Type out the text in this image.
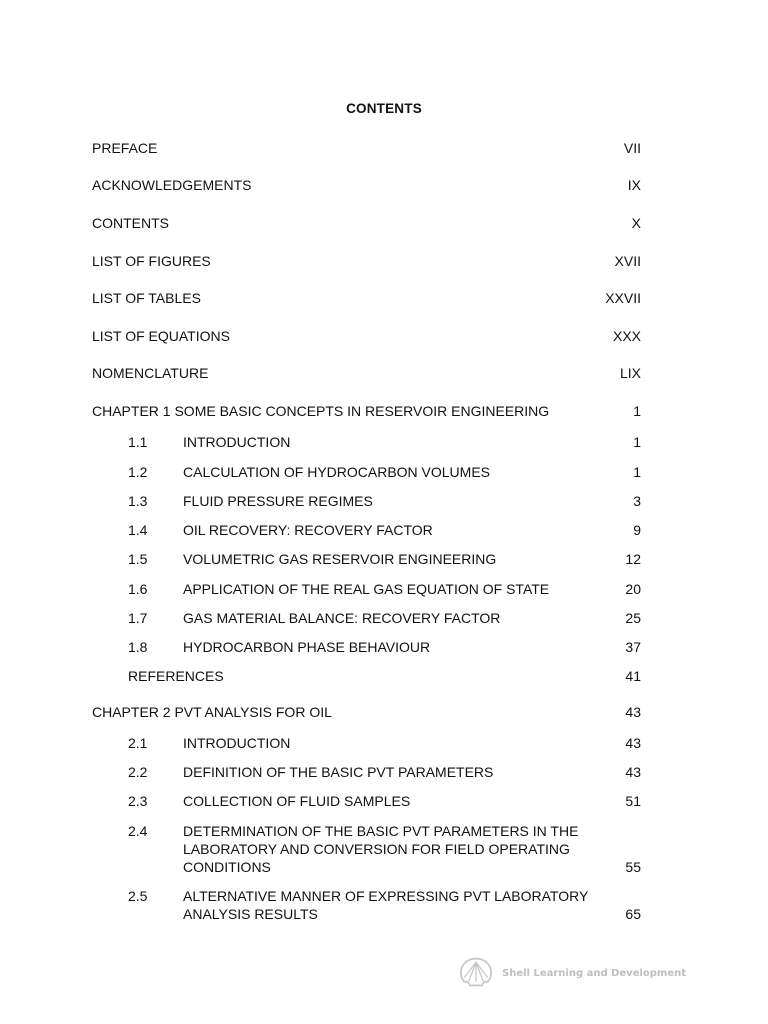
CONTENTS
PREFACE	VII
ACKNOWLEDGEMENTS	IX
CONTENTS	X
LIST OF FIGURES	XVII
LIST OF TABLES	XXVII
LIST OF EQUATIONS	XXX
NOMENCLATURE	LIX
CHAPTER 1 SOME BASIC CONCEPTS IN RESERVOIR ENGINEERING	1
1.1	INTRODUCTION	1
1.2	CALCULATION OF HYDROCARBON VOLUMES	1
1.3	FLUID PRESSURE REGIMES	3
1.4	OIL RECOVERY: RECOVERY FACTOR	9
1.5	VOLUMETRIC GAS RESERVOIR ENGINEERING	12
1.6	APPLICATION OF THE REAL GAS EQUATION OF STATE	20
1.7	GAS MATERIAL BALANCE: RECOVERY FACTOR	25
1.8	HYDROCARBON PHASE BEHAVIOUR	37
REFERENCES	41
CHAPTER 2 PVT ANALYSIS FOR OIL	43
2.1	INTRODUCTION	43
2.2	DEFINITION OF THE BASIC PVT PARAMETERS	43
2.3	COLLECTION OF FLUID SAMPLES	51
2.4	DETERMINATION OF THE BASIC PVT PARAMETERS IN THE LABORATORY AND CONVERSION FOR FIELD OPERATING CONDITIONS	55
2.5	ALTERNATIVE MANNER OF EXPRESSING PVT LABORATORY ANALYSIS RESULTS	65
Shell Learning and Development
